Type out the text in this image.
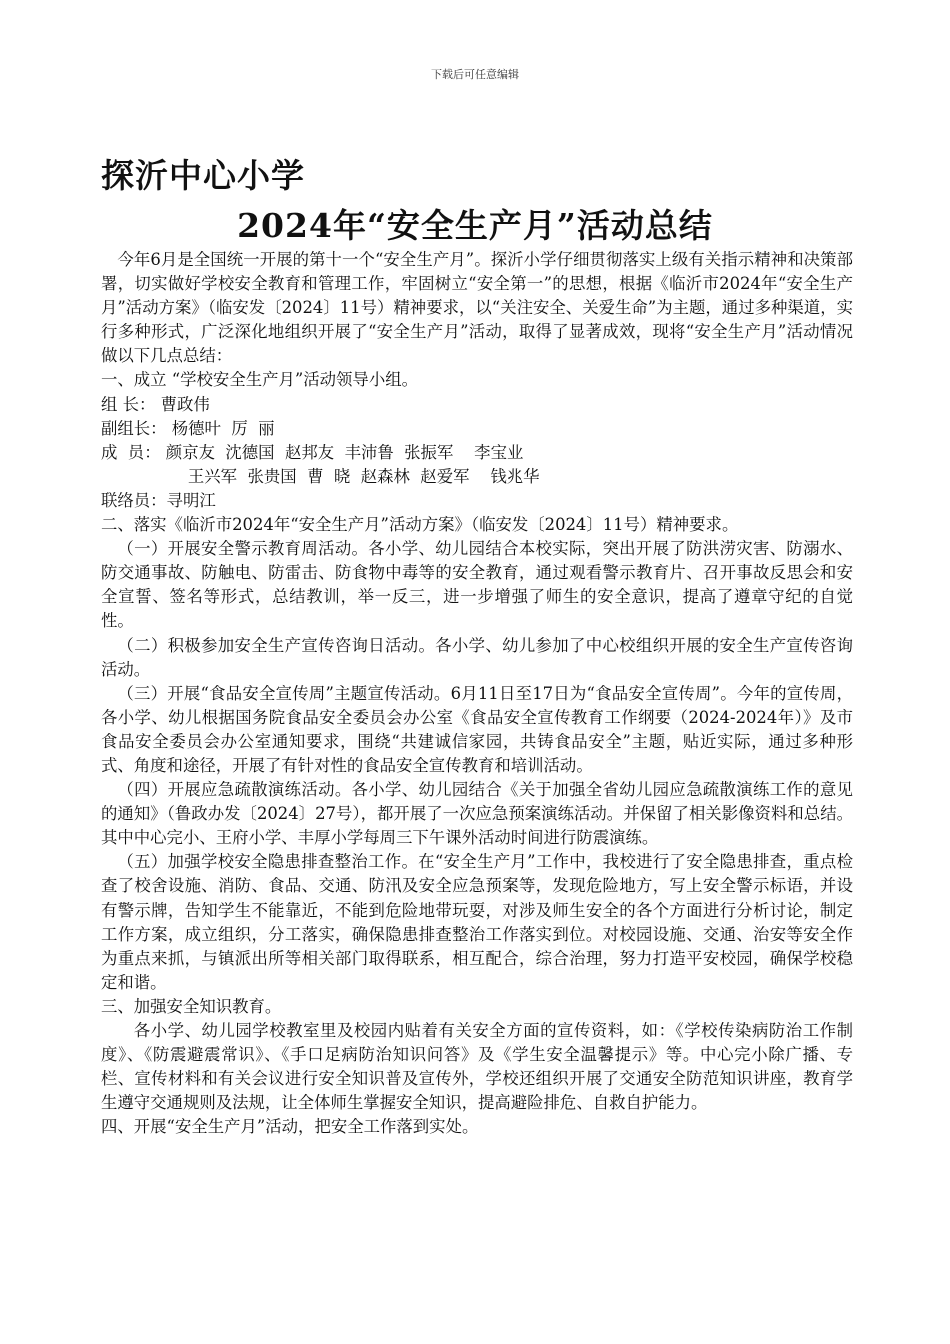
下载后可任意编辑
探沂中心小学
2024年“安全生产月”活动总结

今年6月是全国统一开展的第十一个“安全生产月”。探沂小学仔细贯彻落实上级有关指示精神和决策部署，切实做好学校安全教育和管理工作，牢固树立“安全第一”的思想，根据《临沂市2024年“安全生产月”活动方案》（临安发〔2024〕11号）精神要求，以“关注安全、关爱生命”为主题，通过多种渠道，实行多种形式，广泛深化地组织开展了“安全生产月”活动，取得了显著成效，现将“安全生产月”活动情况做以下几点总结：

一、成立 “学校安全生产月”活动领导小组。

组 长： 曹政伟

副组长： 杨德叶  厉  丽

成  员： 颜京友  沈德国  赵邦友  丰沛鲁  张振军    李宝业

王兴军  张贵国  曹  晓  赵森林  赵爱军    钱兆华

联络员：寻明江

二、落实《临沂市2024年“安全生产月”活动方案》（临安发〔2024〕11号）精神要求。

（一）开展安全警示教育周活动。各小学、幼儿园结合本校实际，突出开展了防洪涝灾害、防溺水、防交通事故、防触电、防雷击、防食物中毒等的安全教育，通过观看警示教育片、召开事故反思会和安全宣誓、签名等形式，总结教训，举一反三，进一步增强了师生的安全意识，提高了遵章守纪的自觉性。

（二）积极参加安全生产宣传咨询日活动。各小学、幼儿参加了中心校组织开展的安全生产宣传咨询活动。

（三）开展“食品安全宣传周”主题宣传活动。6月11日至17日为“食品安全宣传周”。今年的宣传周，各小学、幼儿根据国务院食品安全委员会办公室《食品安全宣传教育工作纲要（2024-2024年）》及市食品安全委员会办公室通知要求，围绕“共建诚信家园，共铸食品安全”主题，贴近实际，通过多种形式、角度和途径，开展了有针对性的食品安全宣传教育和培训活动。

（四）开展应急疏散演练活动。各小学、幼儿园结合《关于加强全省幼儿园应急疏散演练工作的意见的通知》（鲁政办发〔2024〕27号），都开展了一次应急预案演练活动。并保留了相关影像资料和总结。其中中心完小、王府小学、丰厚小学每周三下午课外活动时间进行防震演练。

（五）加强学校安全隐患排查整治工作。在“安全生产月”工作中，我校进行了安全隐患排查，重点检查了校舍设施、消防、食品、交通、防汛及安全应急预案等，发现危险地方，写上安全警示标语，并设有警示牌，告知学生不能靠近，不能到危险地带玩耍，对涉及师生安全的各个方面进行分析讨论，制定工作方案，成立组织，分工落实，确保隐患排查整治工作落实到位。对校园设施、交通、治安等安全作为重点来抓，与镇派出所等相关部门取得联系，相互配合，综合治理，努力打造平安校园，确保学校稳定和谐。

三、加强安全知识教育。

各小学、幼儿园学校教室里及校园内贴着有关安全方面的宣传资料，如：《学校传染病防治工作制度》、《防震避震常识》、《手口足病防治知识问答》及《学生安全温馨提示》等。中心完小除广播、专栏、宣传材料和有关会议进行安全知识普及宣传外，学校还组织开展了交通安全防范知识讲座，教育学生遵守交通规则及法规，让全体师生掌握安全知识，提高避险排危、自救自护能力。

四、开展“安全生产月”活动，把安全工作落到实处。
